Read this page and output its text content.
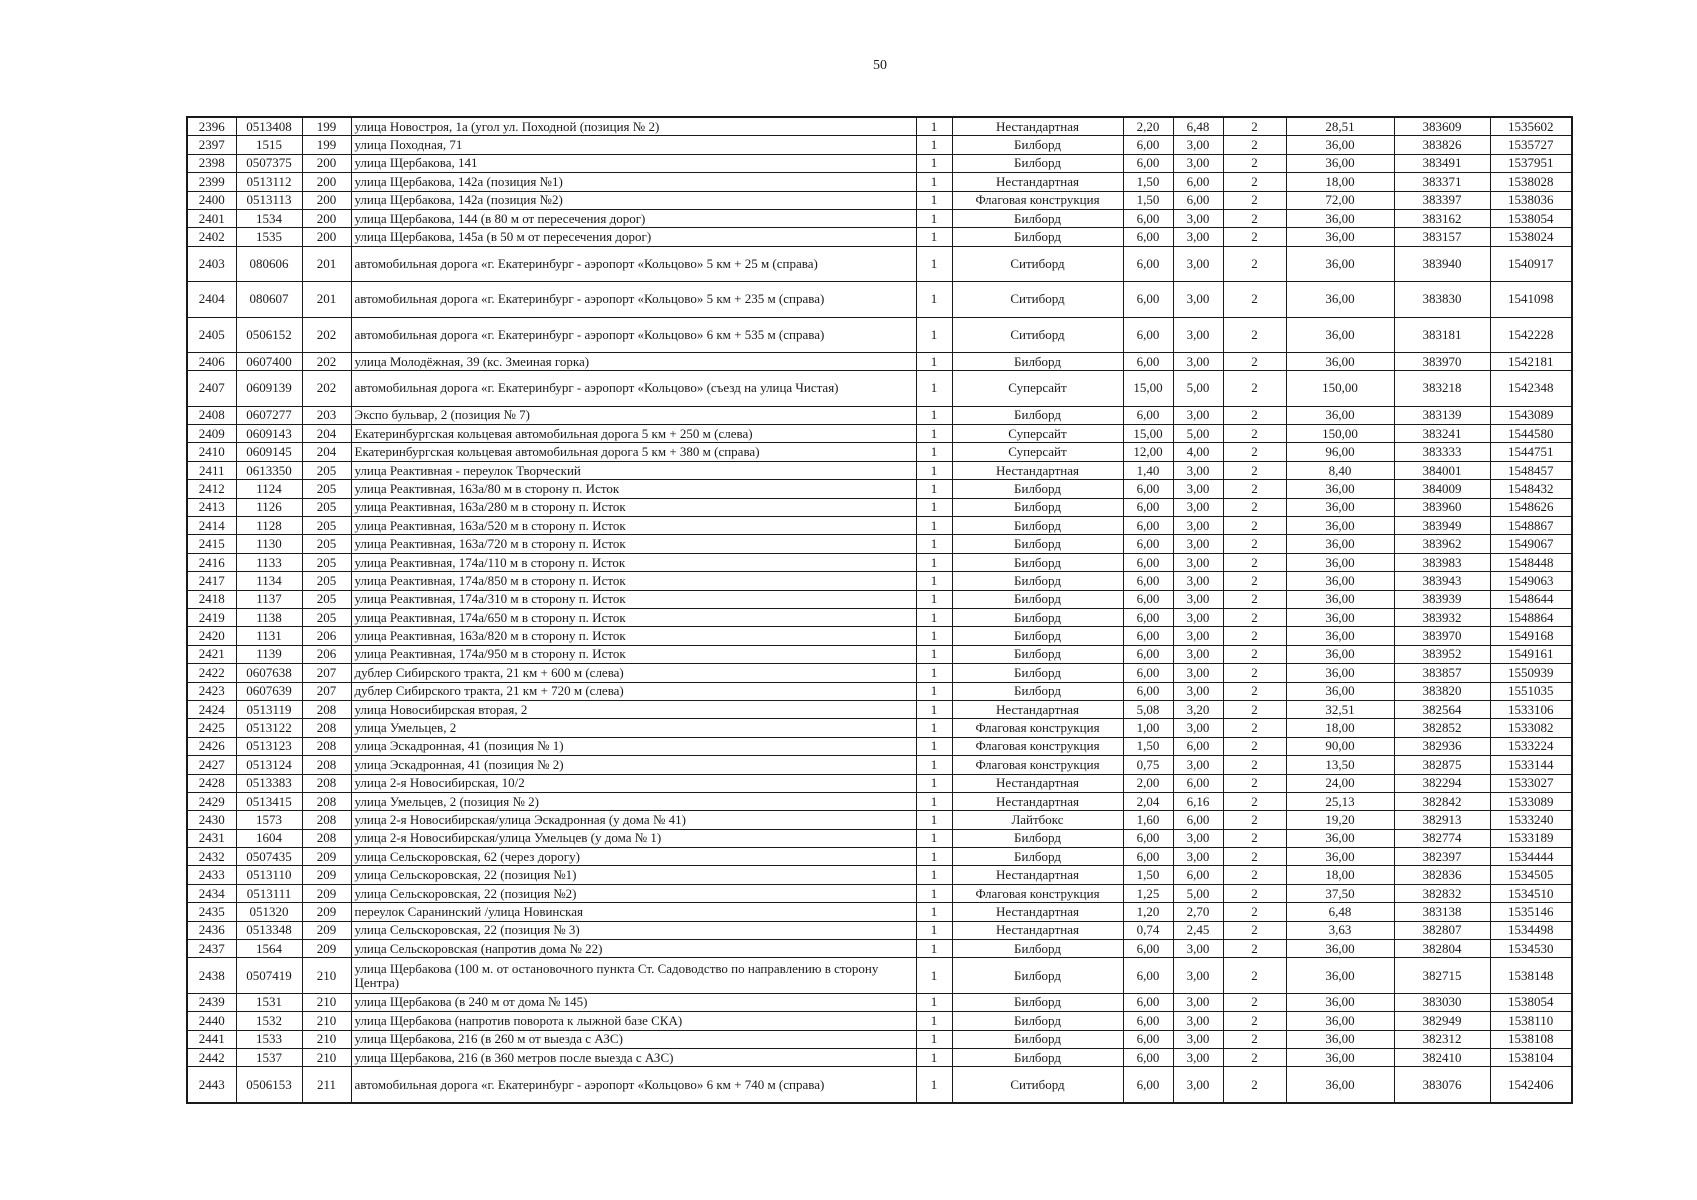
50
2396	0513408	199	улица Новостроя, 1а (угол ул. Походной (позиция № 2)	1	Нестандартная	2,20	6,48	2	28,51	383609	1535602
2397	1515	199	улица Походная, 71	1	Билборд	6,00	3,00	2	36,00	383826	1535727
2398	0507375	200	улица Щербакова, 141	1	Билборд	6,00	3,00	2	36,00	383491	1537951
2399	0513112	200	улица Щербакова, 142а (позиция №1)	1	Нестандартная	1,50	6,00	2	18,00	383371	1538028
2400	0513113	200	улица Щербакова, 142а (позиция №2)	1	Флаговая конструкция	1,50	6,00	2	72,00	383397	1538036
2401	1534	200	улица Щербакова, 144 (в 80 м от пересечения дорог)	1	Билборд	6,00	3,00	2	36,00	383162	1538054
2402	1535	200	улица Щербакова, 145а (в 50 м от пересечения дорог)	1	Билборд	6,00	3,00	2	36,00	383157	1538024
2403	080606	201	автомобильная дорога «г. Екатеринбург - аэропорт «Кольцово» 5 км + 25 м (справа)	1	Ситиборд	6,00	3,00	2	36,00	383940	1540917
2404	080607	201	автомобильная дорога «г. Екатеринбург - аэропорт «Кольцово» 5 км + 235 м (справа)	1	Ситиборд	6,00	3,00	2	36,00	383830	1541098
2405	0506152	202	автомобильная дорога «г. Екатеринбург - аэропорт «Кольцово» 6 км + 535 м (справа)	1	Ситиборд	6,00	3,00	2	36,00	383181	1542228
2406	0607400	202	улица Молодёжная, 39 (кс. Змеиная горка)	1	Билборд	6,00	3,00	2	36,00	383970	1542181
2407	0609139	202	автомобильная дорога «г. Екатеринбург - аэропорт «Кольцово» (съезд на улица Чистая)	1	Суперсайт	15,00	5,00	2	150,00	383218	1542348
2408	0607277	203	Экспо бульвар, 2 (позиция № 7)	1	Билборд	6,00	3,00	2	36,00	383139	1543089
2409	0609143	204	Екатеринбургская кольцевая автомобильная дорога 5 км + 250 м (слева)	1	Суперсайт	15,00	5,00	2	150,00	383241	1544580
2410	0609145	204	Екатеринбургская кольцевая автомобильная дорога 5 км + 380 м (справа)	1	Суперсайт	12,00	4,00	2	96,00	383333	1544751
2411	0613350	205	улица Реактивная - переулок Творческий	1	Нестандартная	1,40	3,00	2	8,40	384001	1548457
2412	1124	205	улица Реактивная, 163а/80 м в сторону п. Исток	1	Билборд	6,00	3,00	2	36,00	384009	1548432
2413	1126	205	улица Реактивная, 163а/280 м в сторону п. Исток	1	Билборд	6,00	3,00	2	36,00	383960	1548626
2414	1128	205	улица Реактивная, 163а/520 м в сторону п. Исток	1	Билборд	6,00	3,00	2	36,00	383949	1548867
2415	1130	205	улица Реактивная, 163а/720 м в сторону п. Исток	1	Билборд	6,00	3,00	2	36,00	383962	1549067
2416	1133	205	улица Реактивная, 174а/110 м в сторону п. Исток	1	Билборд	6,00	3,00	2	36,00	383983	1548448
2417	1134	205	улица Реактивная, 174а/850 м в сторону п. Исток	1	Билборд	6,00	3,00	2	36,00	383943	1549063
2418	1137	205	улица Реактивная, 174а/310 м в сторону п. Исток	1	Билборд	6,00	3,00	2	36,00	383939	1548644
2419	1138	205	улица Реактивная, 174а/650 м в сторону п. Исток	1	Билборд	6,00	3,00	2	36,00	383932	1548864
2420	1131	206	улица Реактивная, 163а/820 м в сторону п. Исток	1	Билборд	6,00	3,00	2	36,00	383970	1549168
2421	1139	206	улица Реактивная, 174а/950 м в сторону п. Исток	1	Билборд	6,00	3,00	2	36,00	383952	1549161
2422	0607638	207	дублер Сибирского тракта, 21 км + 600 м (слева)	1	Билборд	6,00	3,00	2	36,00	383857	1550939
2423	0607639	207	дублер Сибирского тракта, 21 км + 720 м (слева)	1	Билборд	6,00	3,00	2	36,00	383820	1551035
2424	0513119	208	улица Новосибирская вторая, 2	1	Нестандартная	5,08	3,20	2	32,51	382564	1533106
2425	0513122	208	улица Умельцев, 2	1	Флаговая конструкция	1,00	3,00	2	18,00	382852	1533082
2426	0513123	208	улица Эскадронная, 41 (позиция № 1)	1	Флаговая конструкция	1,50	6,00	2	90,00	382936	1533224
2427	0513124	208	улица Эскадронная, 41 (позиция № 2)	1	Флаговая конструкция	0,75	3,00	2	13,50	382875	1533144
2428	0513383	208	улица 2-я Новосибирская, 10/2	1	Нестандартная	2,00	6,00	2	24,00	382294	1533027
2429	0513415	208	улица Умельцев, 2 (позиция № 2)	1	Нестандартная	2,04	6,16	2	25,13	382842	1533089
2430	1573	208	улица 2-я Новосибирская/улица Эскадронная (у дома № 41)	1	Лайтбокс	1,60	6,00	2	19,20	382913	1533240
2431	1604	208	улица 2-я Новосибирская/улица Умельцев (у дома № 1)	1	Билборд	6,00	3,00	2	36,00	382774	1533189
2432	0507435	209	улица Сельскоровская, 62 (через дорогу)	1	Билборд	6,00	3,00	2	36,00	382397	1534444
2433	0513110	209	улица Сельскоровская, 22 (позиция №1)	1	Нестандартная	1,50	6,00	2	18,00	382836	1534505
2434	0513111	209	улица Сельскоровская, 22 (позиция №2)	1	Флаговая конструкция	1,25	5,00	2	37,50	382832	1534510
2435	051320	209	переулок Саранинский /улица Новинская	1	Нестандартная	1,20	2,70	2	6,48	383138	1535146
2436	0513348	209	улица Сельскоровская, 22 (позиция № 3)	1	Нестандартная	0,74	2,45	2	3,63	382807	1534498
2437	1564	209	улица Сельскоровская (напротив дома № 22)	1	Билборд	6,00	3,00	2	36,00	382804	1534530
2438	0507419	210	улица Щербакова (100 м. от остановочного пункта Ст. Садоводство по направлению в сторону Центра)	1	Билборд	6,00	3,00	2	36,00	382715	1538148
2439	1531	210	улица Щербакова (в 240 м от дома № 145)	1	Билборд	6,00	3,00	2	36,00	383030	1538054
2440	1532	210	улица Щербакова (напротив поворота к лыжной базе СКА)	1	Билборд	6,00	3,00	2	36,00	382949	1538110
2441	1533	210	улица Щербакова, 216 (в 260 м от выезда с АЗС)	1	Билборд	6,00	3,00	2	36,00	382312	1538108
2442	1537	210	улица Щербакова, 216 (в 360 метров после выезда с АЗС)	1	Билборд	6,00	3,00	2	36,00	382410	1538104
2443	0506153	211	автомобильная дорога «г. Екатеринбург - аэропорт «Кольцово» 6 км + 740 м (справа)	1	Ситиборд	6,00	3,00	2	36,00	383076	1542406
